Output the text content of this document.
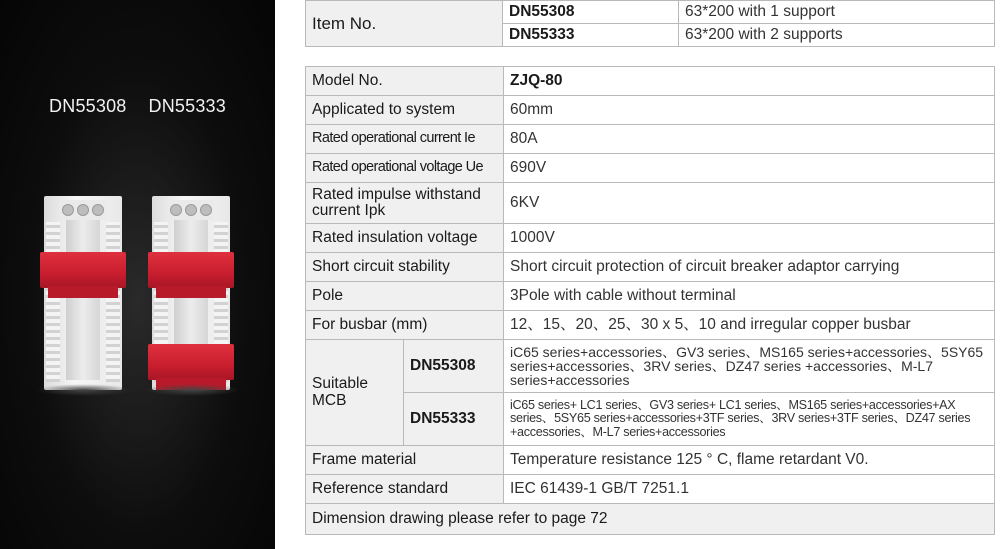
DN55308 DN55333
Item No.	DN55308	63*200 with 1 support
	DN55333	63*200 with 2 supports
Model No.		ZJQ-80
Applicated to system		60mm
Rated operational current Ie		80A
Rated operational voltage Ue		690V
Rated impulse withstand current Ipk		6KV
Rated insulation voltage		1000V
Short circuit stability		Short circuit protection of circuit breaker adaptor carrying
Pole		3Pole with cable without terminal
For busbar (mm)		12、15、20、25、30 x 5、10 and irregular copper busbar
Suitable MCB	DN55308	iC65 series+accessories、GV3 series、MS165 series+accessories、5SY65 series+accessories、3RV series、DZ47 series +accessories、M-L7 series+accessories
	DN55333	iC65 series+ LC1 series、GV3 series+ LC1 series、MS165 series+accessories+AX series、5SY65 series+accessories+3TF series、3RV series+3TF series、DZ47 series +accessories、M-L7 series+accessories
Frame material		Temperature resistance 125 ° C, flame retardant V0.
Reference standard		IEC 61439-1 GB/T 7251.1
Dimension drawing please refer to page 72		
